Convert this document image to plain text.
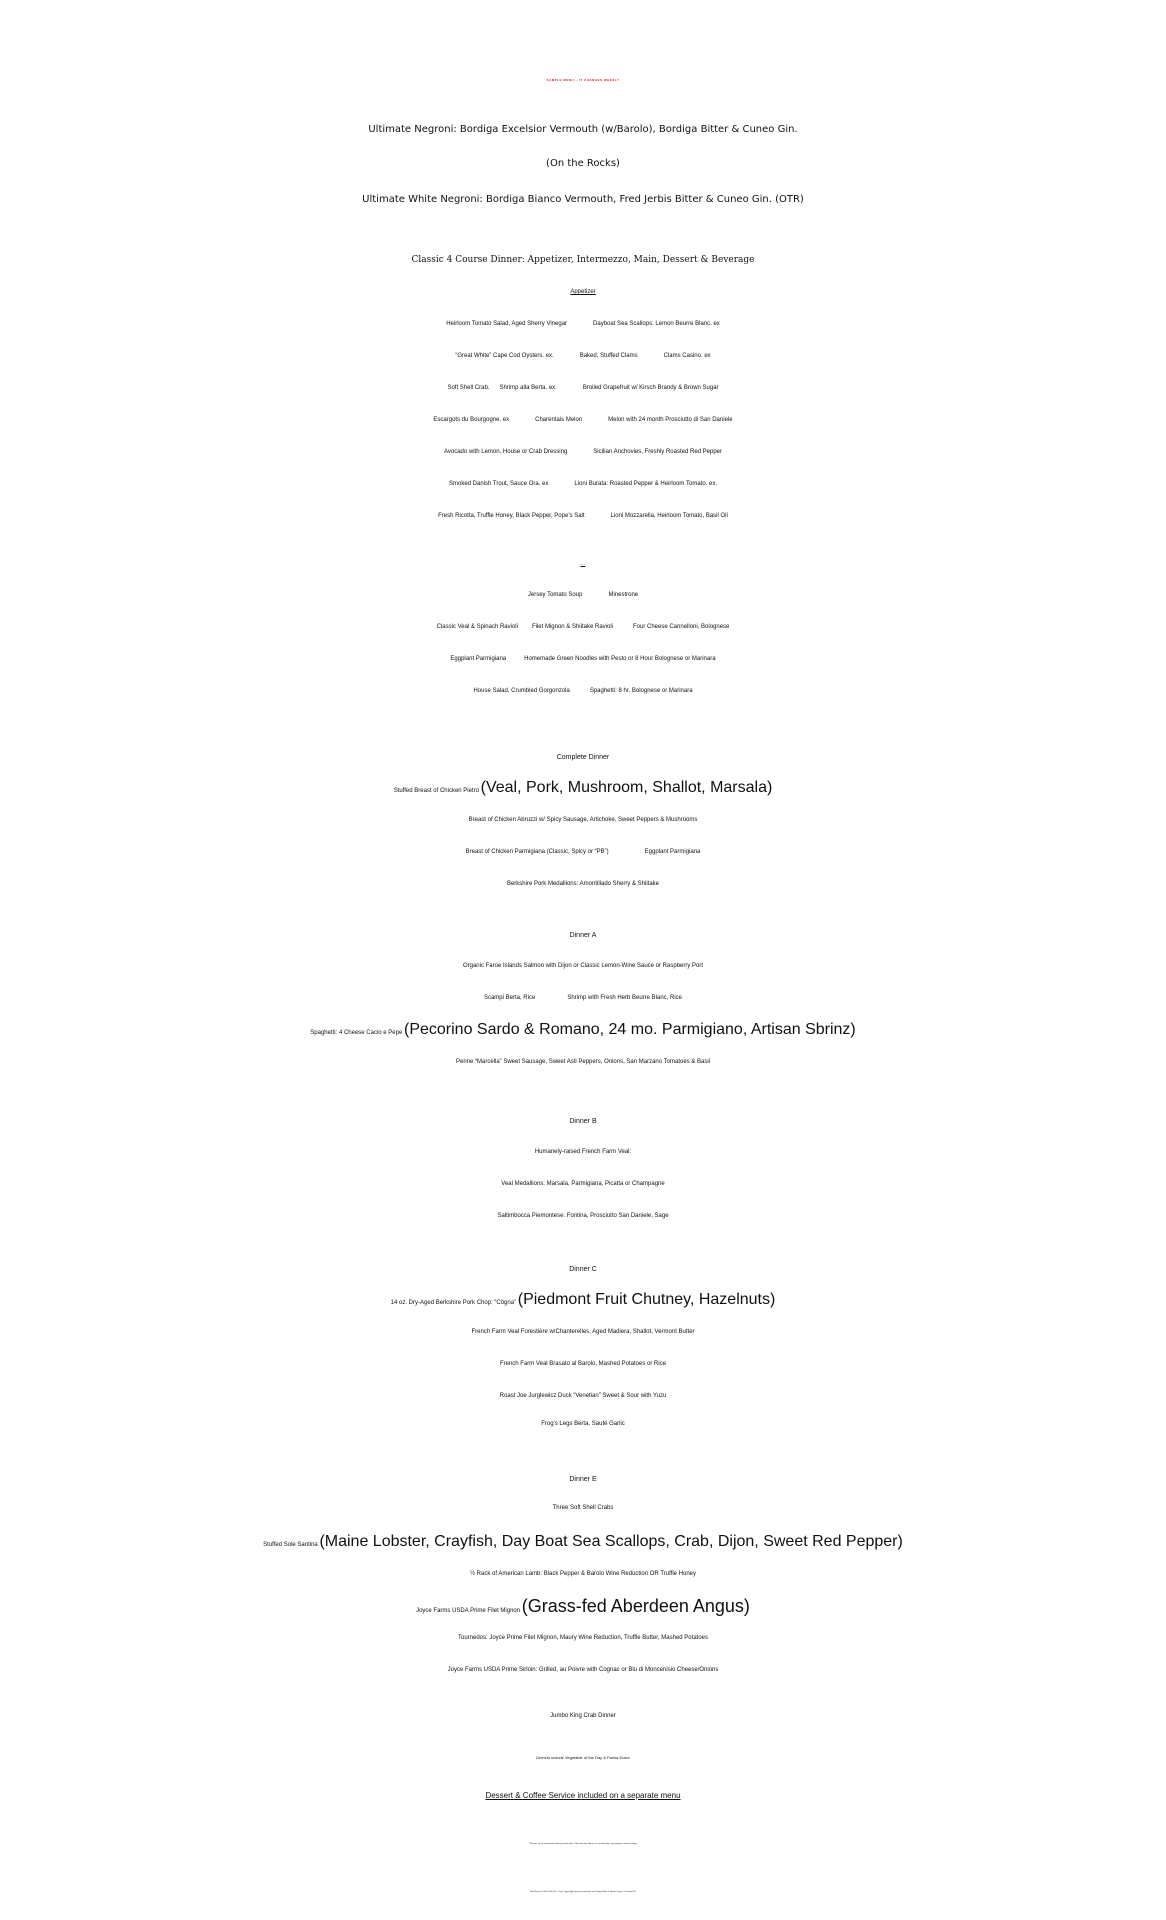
SAMPLE MENU – IT CHANGES WEEKLY
Ultimate Negroni: Bordiga Excelsior Vermouth (w/Barolo), Bordiga Bitter & Cuneo Gin.
(On the Rocks)
Ultimate White Negroni: Bordiga Bianco Vermouth, Fred Jerbis Bitter & Cuneo Gin. (OTR)
Classic 4 Course Dinner: Appetizer, Intermezzo, Main, Dessert & Beverage
Appetizer
Heirloom Tomato Salad, Aged Sherry Vinegar	Dayboat Sea Scallops: Lemon Beurre Blanc. ex
“Great White” Cape Cod Oysters. ex.	Baked, Stuffed Clams	Clams Casino. ex
Soft Shell Crab. Shrimp alla Berta. ex.	Broiled Grapefruit w/ Kirsch Brandy & Brown Sugar
Escargots du Bourgogne. ex	Charentais Melon	Melon with 24 month Prosciutto di San Daniele
Avocado with Lemon, House or Crab Dressing	Sicilian Anchovies, Freshly Roasted Red Pepper
Smoked Danish Trout, Sauce Ora. ex	Lioni Burata: Roasted Pepper & Heirloom Tomato. ex.
Fresh Ricotta, Truffle Honey, Black Pepper, Pope’s Salt	Lioni Mozzarella, Heirloom Tomato, Basil Oil
Intermezzo
Jersey Tomato Soup	Minestrone
Classic Veal & Spinach Ravioli Filet Mignon & Shiitake Ravioli	Four Cheese Cannelloni, Bolognese
Eggplant Parmigiana	Homemade Green Noodles with Pesto or 8 Hour Bolognese or Marinara
House Salad, Crumbled Gorgonzola	Spaghetti: 8 hr. Bolognese or Marinara
Complete Dinner
Stuffed Breast of Chicken Pietro (Veal, Pork, Mushroom, Shallot, Marsala)
Breast of Chicken Abruzzi w/ Spicy Sausage, Artichoke, Sweet Peppers & Mushrooms
Breast of Chicken Parmigiana (Classic, Spicy or “PB”)	Eggplant Parmigiana
Berkshire Pork Medallions: Amontillado Sherry & Shiitake
Dinner A
Organic Faroe Islands Salmon with Dijon or Classic Lemon-Wine Sauce or Raspberry Port
Scampi Berta, Rice	Shrimp with Fresh Herb Beurre Blanc, Rice
Spaghetti: 4 Cheese Cacio e Pepe (Pecorino Sardo & Romano, 24 mo. Parmigiano, Artisan Sbrinz)
Penne “Marcella” Sweet Sausage, Sweet Asti Peppers, Onions, San Marzano Tomatoes & Basil
Dinner B
Humanely-raised French Farm Veal:
Veal Medallions: Marsala, Parmigiana, Picatta or Champagne
Saltimbocca Piemontese: Fontina, Prosciutto San Daniele, Sage
Dinner C
14 oz. Dry-Aged Berkshire Pork Chop: “Cögna” (Piedmont Fruit Chutney, Hazelnuts)
French Farm Veal Forestière w/Chanterelles, Aged Madiera, Shallot, Vermont Butter
French Farm Veal Brasato al Barolo, Mashed Potatoes or Rice
Roast Joe Jurglewicz Duck “Venetian” Sweet & Sour with Yuzu
Frog’s Legs Berta, Sauté Garlic
Dinner E
Three Soft Shell Crabs
Stuffed Sole Santina (Maine Lobster, Crayfish, Day Boat Sea Scallops, Crab, Dijon, Sweet Red Pepper)
½ Rack of American Lamb: Black Pepper & Barolo Wine Reduction OR Truffle Honey
Joyce Farms USDA Prime Filet Mignon (Grass-fed Aberdeen Angus)
Tournedos: Joyce Prime Filet Mignon, Maury Wine Reduction, Truffle Butter, Mashed Potatoes
Joyce Farms USDA Prime Sirloin: Grilled, au Poivre with Cognac or Blu di Moncenisio Cheese/Onions
Jumbo King Crab Dinner
Dinners include Vegetable of the Day & Farina Dolce
Dessert & Coffee Service included on a separate menu
“Dinners” are for one person and may not be split. Order ala carte. Berta’s, at our discretion, may impose a service charge
New Beer List: New Trail (Pa.) “Crisp” Lager (light, dry & no adjuncts), von Trapp Helles & Vienna Lagers, Czechvar Pils
